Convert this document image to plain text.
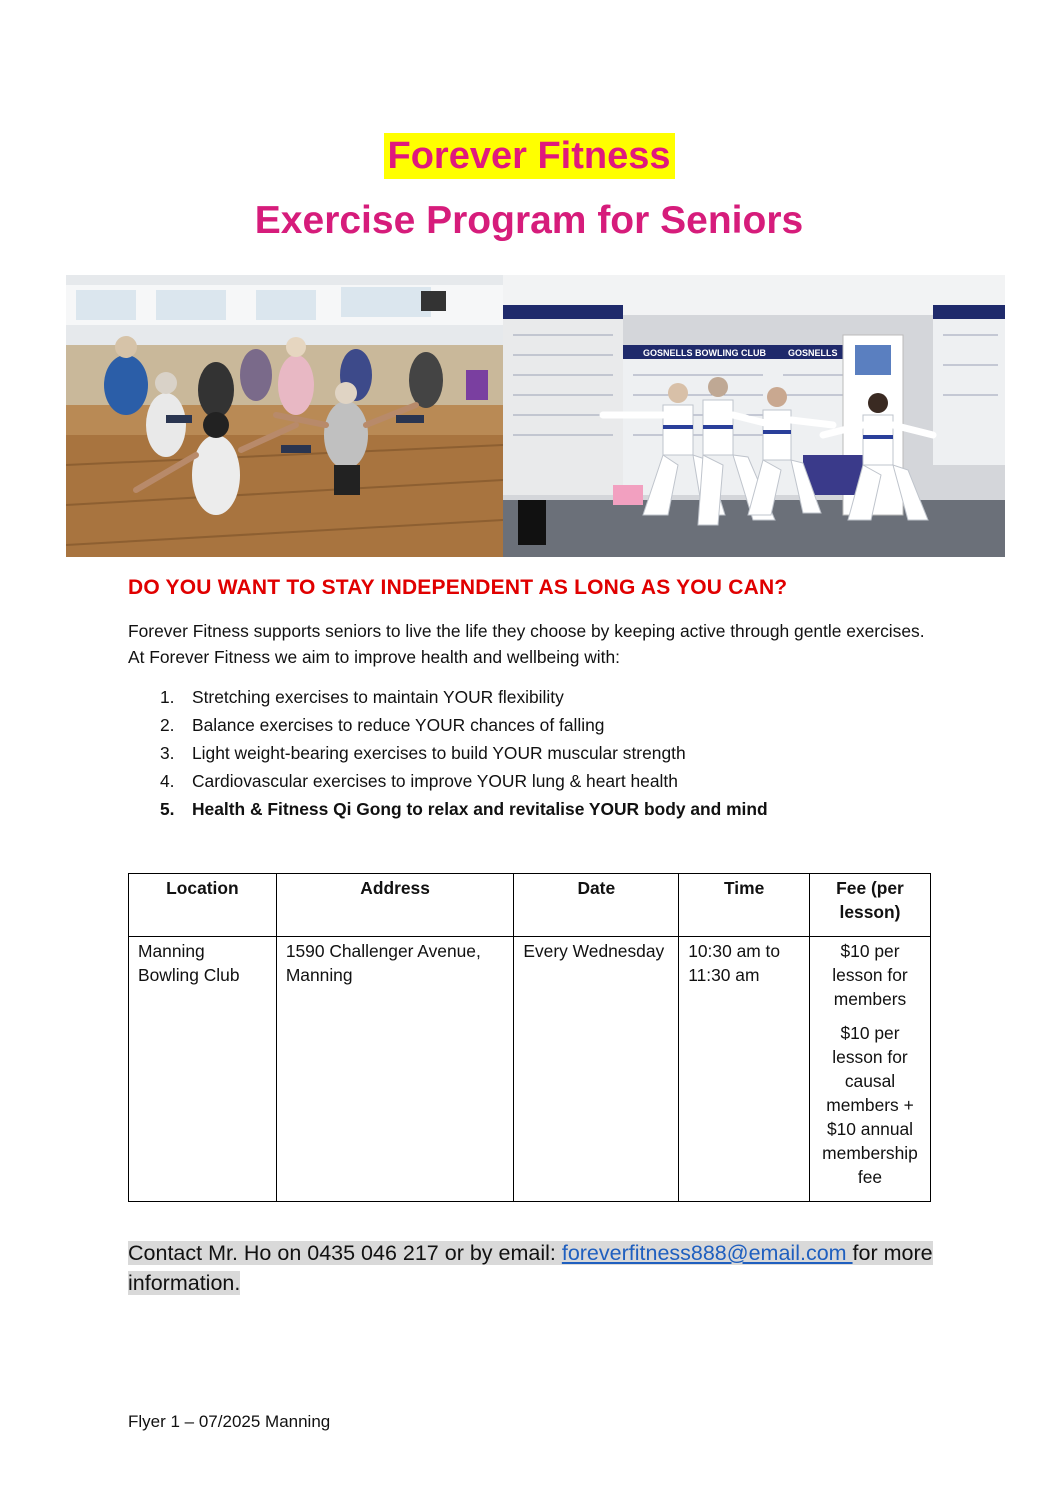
Forever Fitness
Exercise Program for Seniors
GOSNELLS BOWLING CLUB GOSNELLS
DO YOU WANT TO STAY INDEPENDENT AS LONG AS YOU CAN?
Forever Fitness supports seniors to live the life they choose by keeping active through gentle exercises. At Forever Fitness we aim to improve health and wellbeing with:
1.	Stretching exercises to maintain YOUR flexibility
2.	Balance exercises to reduce YOUR chances of falling
3.	Light weight-bearing exercises to build YOUR muscular strength
4.	Cardiovascular exercises to improve YOUR lung & heart health
5.	Health & Fitness Qi Gong to relax and revitalise YOUR body and mind
Location	Address	Date	Time	Fee (per lesson)
Manning Bowling Club	1590 Challenger Avenue, Manning	Every Wednesday	10:30 am to 11:30 am	$10 per lesson for members

$10 per lesson for causal members + $10 annual membership fee

Contact Mr. Ho on 0435 046 217 or by email: foreverfitness888@email.com for more information.
Flyer 1 – 07/2025 Manning
